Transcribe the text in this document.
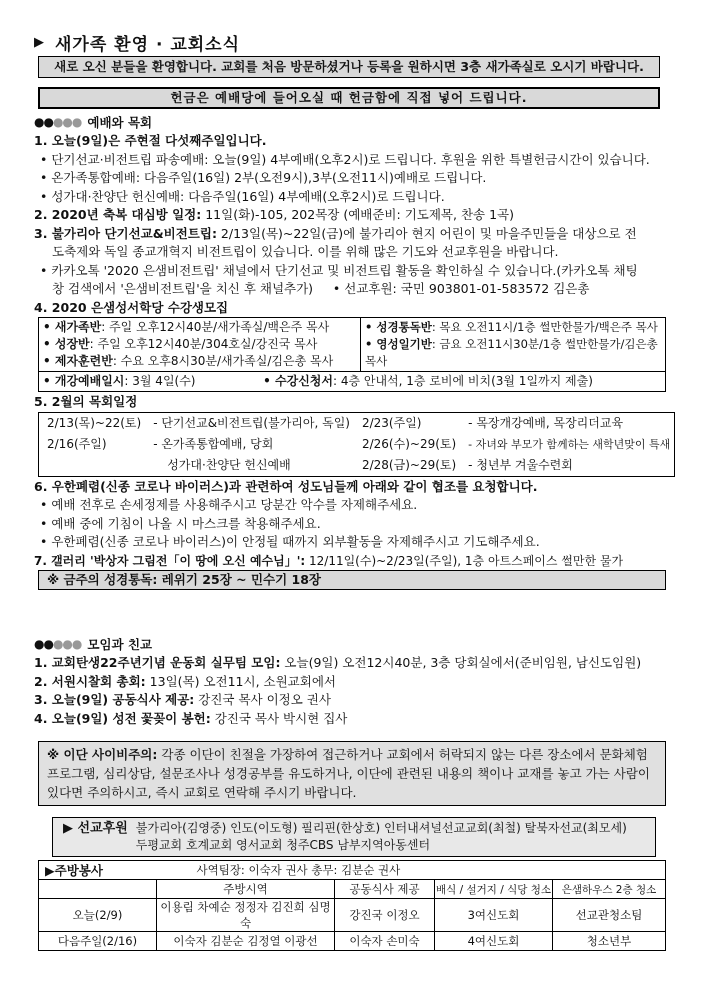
▶ 새가족 환영 · 교회소식
새로 오신 분들을 환영합니다. 교회를 처음 방문하셨거나 등록을 원하시면 3층 새가족실로 오시기 바랍니다.
헌금은 예배당에 들어오실 때 헌금함에 직접 넣어 드립니다.
●●●●● 예배와 목회
1. 오늘(9일)은 주현절 다섯째주일입니다.
• 단기선교·비전트립 파송예배: 오늘(9일) 4부예배(오후2시)로 드립니다. 후원을 위한 특별헌금시간이 있습니다.
• 온가족통합예배: 다음주일(16일) 2부(오전9시),3부(오전11시)예배로 드립니다.
• 성가대·찬양단 헌신예배: 다음주일(16일) 4부예배(오후2시)로 드립니다.
2. 2020년 축복 대심방 일정: 11일(화)-105, 202목장 (예배준비: 기도제목, 찬송 1곡)
3. 불가리아 단기선교&비전트립: 2/13일(목)~22일(금)에 불가리아 현지 어린이 및 마을주민들을 대상으로 전
도축제와 독일 종교개혁지 비전트립이 있습니다. 이를 위해 많은 기도와 선교후원을 바랍니다.
• 카카오톡 '2020 은샘비전트립' 채널에서 단기선교 및 비전트립 활동을 확인하실 수 있습니다.(카카오톡 채팅
창 검색에서 '은샘비전트립'을 치신 후 채널추가)     • 선교후원: 국민 903801-01-583572 김은총
4. 2020 은샘성서학당 수강생모집
• 새가족반: 주일 오후12시40분/새가족실/백은주 목사
• 성장반: 주일 오후12시40분/304호실/강진국 목사
• 제자훈련반: 수요 오후8시30분/새가족실/김은총 목사

• 성경통독반: 목요 오전11시/1층 썰만한물가/백은주 목사
• 영성일기반: 금요 오전11시30분/1층 썰만한물가/김은총 목사

• 개강예배일시: 3월 4일(수)	• 수강신청서: 4층 안내석, 1층 로비에 비치(3월 1일까지 제출)
5. 2월의 목회일정
2/13(목)~22(토)	- 단기선교&비전트립(불가리아, 독일)	2/23(주일)	- 목장개강예배, 목장리더교육
2/16(주일)	- 온가족통합예배, 당회	2/26(수)~29(토)	- 자녀와 부모가 함께하는 새학년맞이 특새
	성가대·찬양단 헌신예배	2/28(금)~29(토)	- 청년부 겨울수련회
6. 우한폐렴(신종 코로나 바이러스)과 관련하여 성도님들께 아래와 같이 협조를 요청합니다.
• 예배 전후로 손세정제를 사용해주시고 당분간 악수를 자제해주세요.
• 예배 중에 기침이 나올 시 마스크를 착용해주세요.
• 우한폐렴(신종 코로나 바이러스)이 안정될 때까지 외부활동을 자제해주시고 기도해주세요.
7. 갤러리 '박상자 그림전「이 땅에 오신 예수님」': 12/11일(수)~2/23일(주일), 1층 아트스페이스 썰만한 물가
※ 금주의 성경통독: 레위기 25장 ~ 민수기 18장
●●●●● 모임과 친교
1. 교회탄생22주년기념 운동회 실무팀 모임: 오늘(9일) 오전12시40분, 3층 당회실에서(준비임원, 남신도임원)
2. 서원시찰회 총회: 13일(목) 오전11시, 소원교회에서
3. 오늘(9일) 공동식사 제공: 강진국 목사 이정오 권사
4. 오늘(9일) 성전 꽃꽂이 봉헌: 강진국 목사 박시현 집사
※ 이단 사이비주의: 각종 이단이 친절을 가장하여 접근하거나 교회에서 허락되지 않는 다른 장소에서 문화체험프로그램, 심리상담, 설문조사나 성경공부를 유도하거나, 이단에 관련된 내용의 책이나 교재를 놓고 가는 사람이 있다면 주의하시고, 즉시 교회로 연락해 주시기 바랍니다.
▶ 선교후원 불가리아(김영중) 인도(이도형) 필리핀(한상호) 인터내셔널선교교회(최철) 탈북자선교(최모세)
두평교회 호계교회 영서교회 청주CBS 남부지역아동센터
▶주방봉사	사역팀장: 이숙자 권사 총무: 김분순 권사			
	주방시역	공동식사 제공	배식 / 설거지 / 식당 청소	은샘하우스 2층 청소
오늘(2/9)	이용림 차예순 정정자 김진희 심명숙	강진국 이정오	3여신도회	선교관청소팀
다음주일(2/16)	이숙자 김분순 김정열 이광선	이숙자 손미숙	4여신도회	청소년부
